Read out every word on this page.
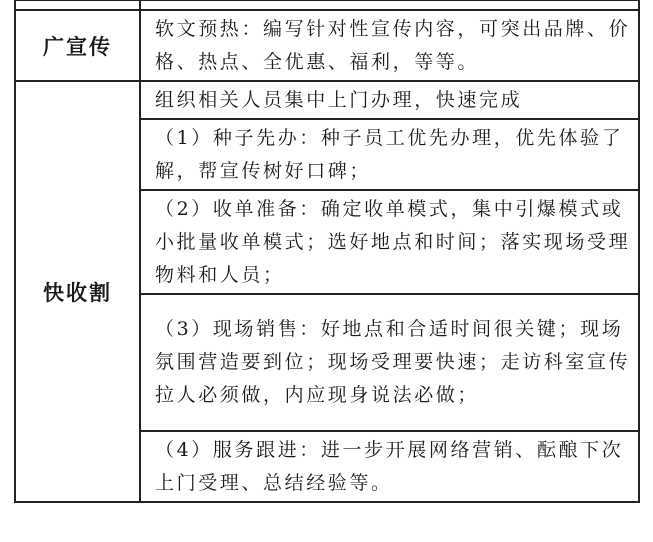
广宣传	软文预热：编写针对性宣传内容，可突出品牌、价格、热点、全优惠、福利，等等。
快收割	组织相关人员集中上门办理，快速完成
	（1）种子先办：种子员工优先办理，优先体验了解，帮宣传树好口碑；
	（2）收单准备：确定收单模式，集中引爆模式或小批量收单模式；选好地点和时间；落实现场受理物料和人员；
	（3）现场销售：好地点和合适时间很关键；现场氛围营造要到位；现场受理要快速；走访科室宣传拉人必须做，内应现身说法必做；
	（4）服务跟进：进一步开展网络营销、酝酿下次上门受理、总结经验等。
